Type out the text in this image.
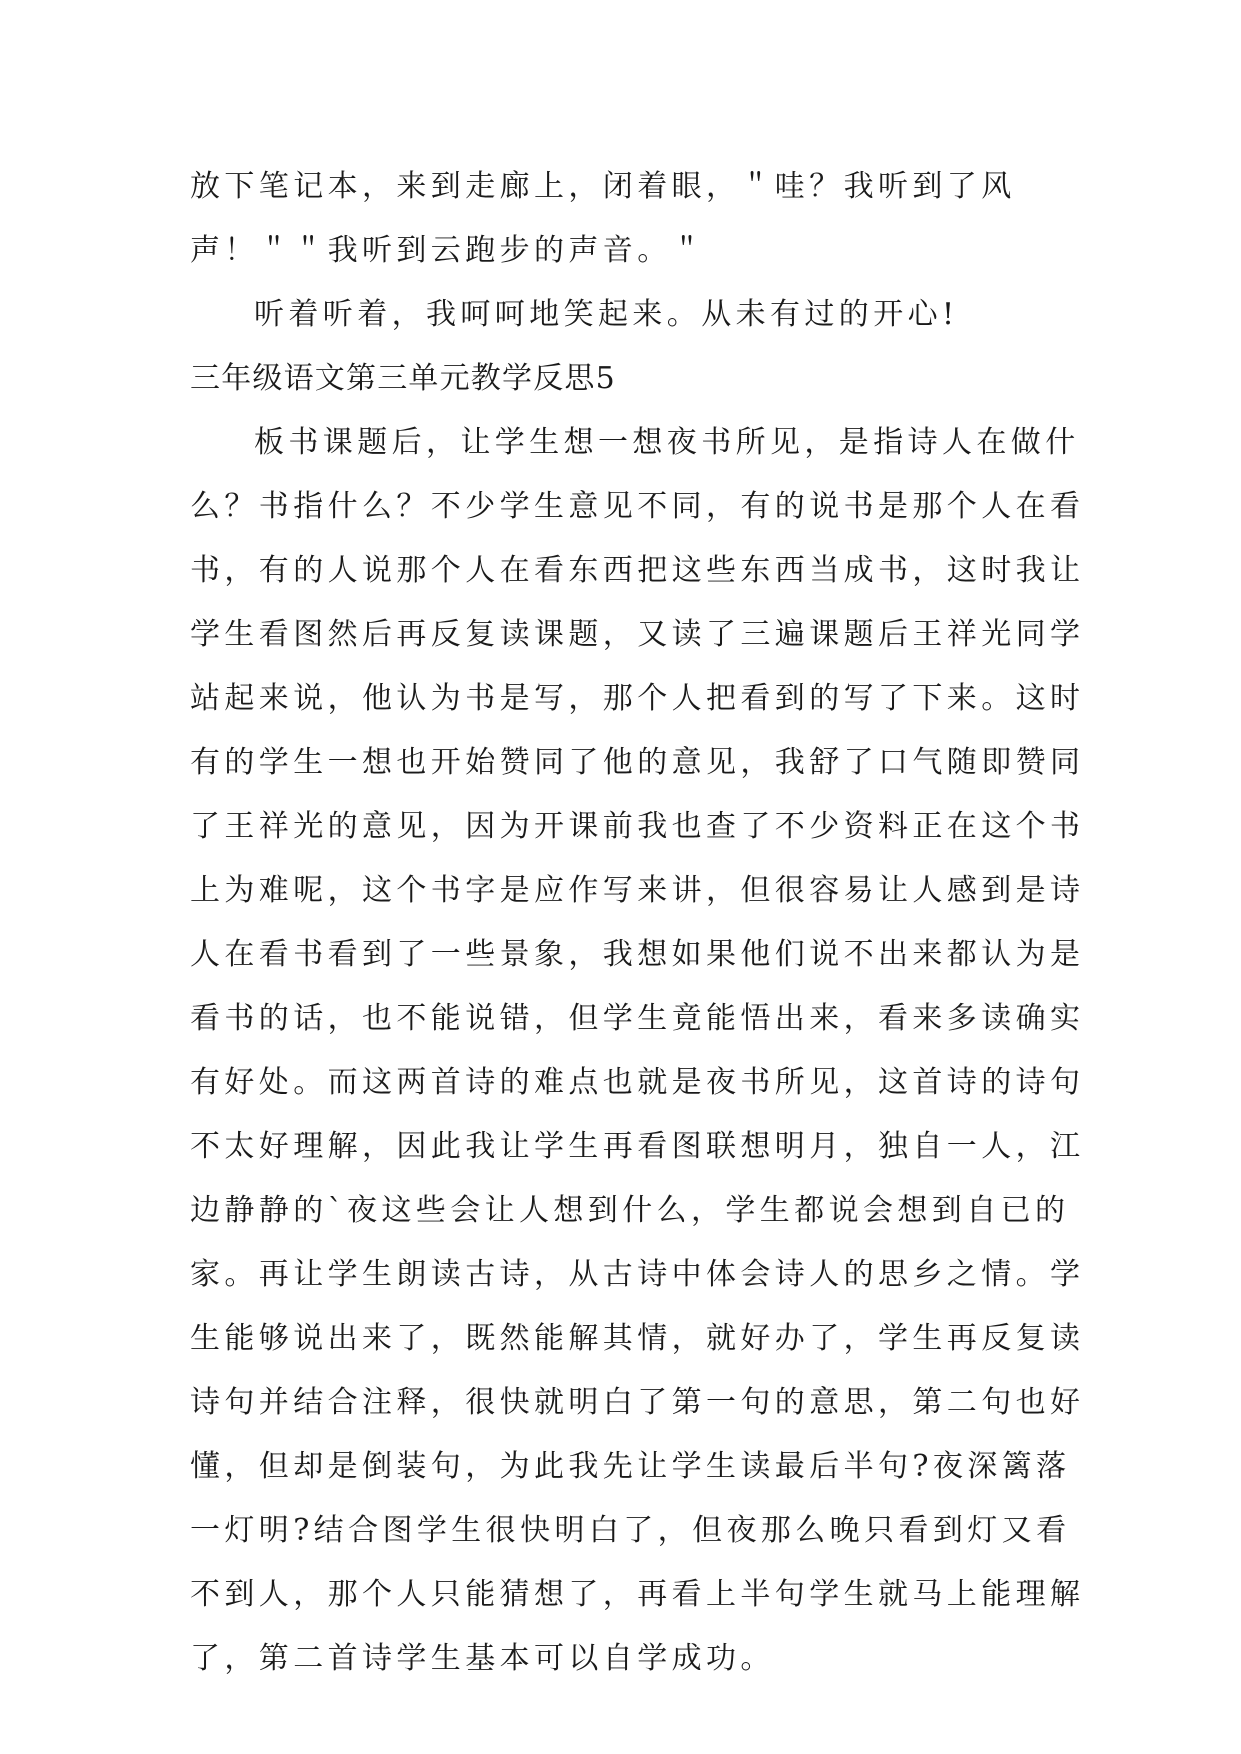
放下笔记本，来到走廊上，闭着眼，＂哇？我听到了风
声！＂＂我听到云跑步的声音。＂
听着听着，我呵呵地笑起来。从未有过的开心!
三年级语文第三单元教学反思5
板书课题后，让学生想一想夜书所见，是指诗人在做什
么？书指什么？不少学生意见不同，有的说书是那个人在看
书，有的人说那个人在看东西把这些东西当成书，这时我让
学生看图然后再反复读课题，又读了三遍课题后王祥光同学
站起来说，他认为书是写，那个人把看到的写了下来。这时
有的学生一想也开始赞同了他的意见，我舒了口气随即赞同
了王祥光的意见，因为开课前我也查了不少资料正在这个书
上为难呢，这个书字是应作写来讲，但很容易让人感到是诗
人在看书看到了一些景象，我想如果他们说不出来都认为是
看书的话，也不能说错，但学生竟能悟出来，看来多读确实
有好处。而这两首诗的难点也就是夜书所见，这首诗的诗句
不太好理解，因此我让学生再看图联想明月，独自一人，江
边静静的`夜这些会让人想到什么，学生都说会想到自已的
家。再让学生朗读古诗，从古诗中体会诗人的思乡之情。学
生能够说出来了，既然能解其情，就好办了，学生再反复读
诗句并结合注释，很快就明白了第一句的意思，第二句也好
懂，但却是倒装句，为此我先让学生读最后半句?夜深篱落
一灯明?结合图学生很快明白了，但夜那么晚只看到灯又看
不到人，那个人只能猜想了，再看上半句学生就马上能理解
了，第二首诗学生基本可以自学成功。
